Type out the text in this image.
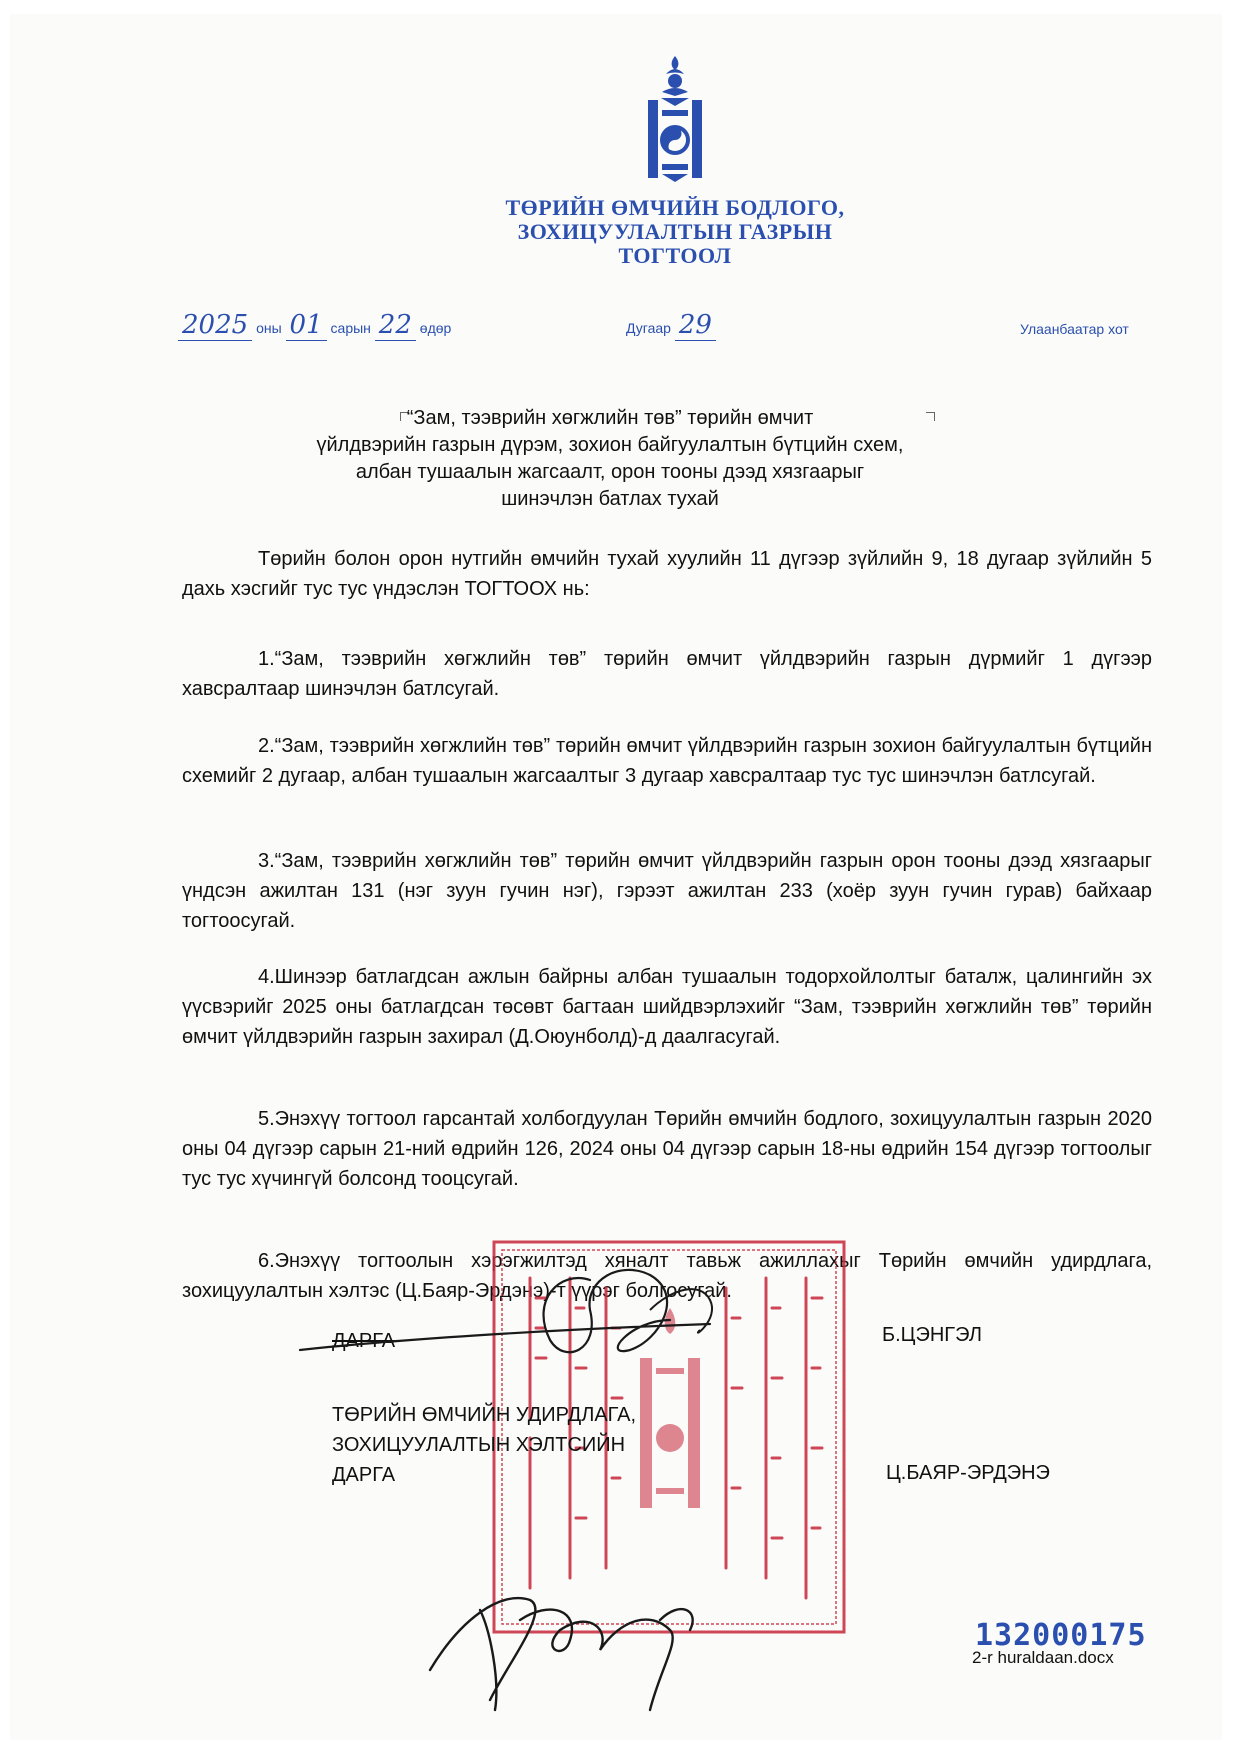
ТӨРИЙН ӨМЧИЙН БОДЛОГО,
ЗОХИЦУУЛАЛТЫН ГАЗРЫН
ТОГТООЛ
2025 оны 01 сарын 22 өдөр	Дугаар 29	Улаанбаатар хот
“Зам, тээврийн хөгжлийн төв” төрийн өмчит
үйлдвэрийн газрын дүрэм, зохион байгуулалтын бүтцийн схем,
албан тушаалын жагсаалт, орон тооны дээд хязгаарыг
шинэчлэн батлах тухай
Төрийн болон орон нутгийн өмчийн тухай хуулийн 11 дүгээр зүйлийн 9, 18 дугаар зүйлийн 5 дахь хэсгийг тус тус үндэслэн ТОГТООХ нь:
1.“Зам, тээврийн хөгжлийн төв” төрийн өмчит үйлдвэрийн газрын дүрмийг 1 дүгээр хавсралтаар шинэчлэн батлсугай.
2.“Зам, тээврийн хөгжлийн төв” төрийн өмчит үйлдвэрийн газрын зохион байгуулалтын бүтцийн схемийг 2 дугаар, албан тушаалын жагсаалтыг 3 дугаар хавсралтаар тус тус шинэчлэн батлсугай.
3.“Зам, тээврийн хөгжлийн төв” төрийн өмчит үйлдвэрийн газрын орон тооны дээд хязгаарыг үндсэн ажилтан 131 (нэг зуун гучин нэг), гэрээт ажилтан 233 (хоёр зуун гучин гурав) байхаар тогтоосугай.
4.Шинээр батлагдсан ажлын байрны албан тушаалын тодорхойлолтыг баталж, цалингийн эх үүсвэрийг 2025 оны батлагдсан төсөвт багтаан шийдвэрлэхийг “Зам, тээврийн хөгжлийн төв” төрийн өмчит үйлдвэрийн газрын захирал (Д.Оюунболд)-д даалгасугай.
5.Энэхүү тогтоол гарсантай холбогдуулан Төрийн өмчийн бодлого, зохицуулалтын газрын 2020 оны 04 дүгээр сарын 21-ний өдрийн 126, 2024 оны 04 дүгээр сарын 18-ны өдрийн 154 дүгээр тогтоолыг тус тус хүчингүй болсонд тооцсугай.
6.Энэхүү тогтоолын хэрэгжилтэд хяналт тавьж ажиллахыг Төрийн өмчийн удирдлага, зохицуулалтын хэлтэс (Ц.Баяр-Эрдэнэ)-т үүрэг болгосугай.
ДАРГА	Б.ЦЭНГЭЛ
ТӨРИЙН ӨМЧИЙН УДИРДЛАГА,
ЗОХИЦУУЛАЛТЫН ХЭЛТСИЙН
ДАРГА	Ц.БАЯР-ЭРДЭНЭ
132000175
2-r huraldaan.docx
